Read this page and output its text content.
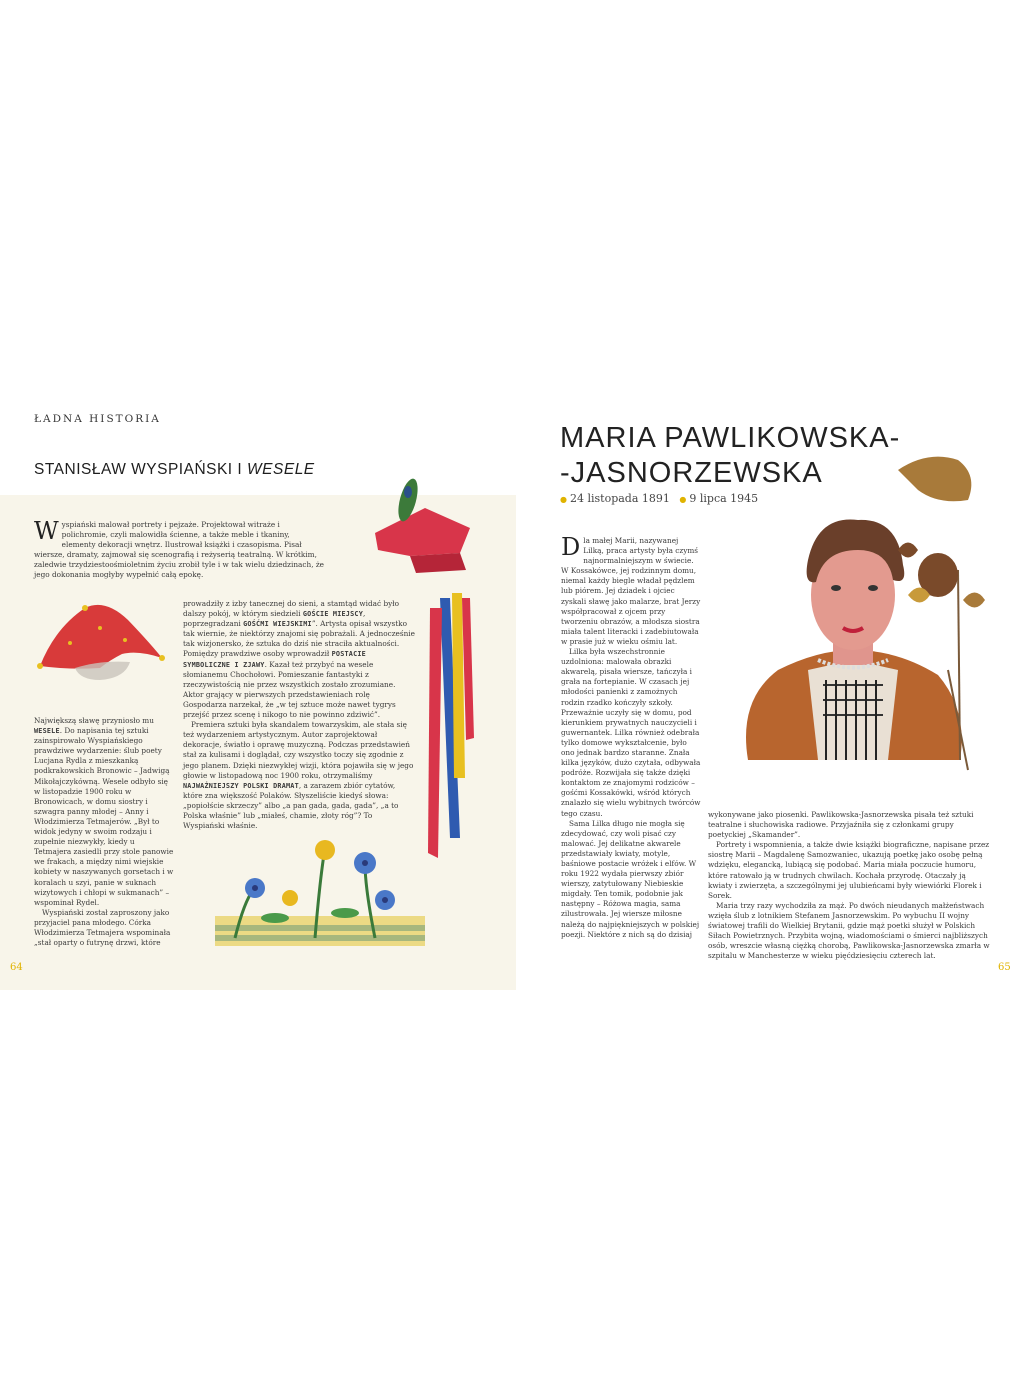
ŁADNA HISTORIA
STANISŁAW WYSPIAŃSKI I WESELE
Wyspiański malował portrety i pejzaże. Projektował witraże i polichromie, czyli malowidła ścienne, a także meble i tkaniny, elementy dekoracji wnętrz. Ilustrował książki i czasopisma. Pisał wiersze, dramaty, zajmował się scenografią i reżyserią teatralną. W krótkim, zaledwie trzydziestoośmioletnim życiu zrobił tyle i w tak wielu dziedzinach, że jego dokonania mogłyby wypełnić całą epokę.

Największą sławę przyniosło mu WESELE. Do napisania tej sztuki zainspirowało Wyspiańskiego prawdziwe wydarzenie: ślub poety Lucjana Rydla z mieszkanką podkrakowskich Bronowic – Jadwigą Mikołajczykówną. Wesele odbyło się w listopadzie 1900 roku w Bronowicach, w domu siostry i szwagra panny młodej – Anny i Włodzimierza Tetmajerów. „Był to widok jedyny w swoim rodzaju i zupełnie niezwykły, kiedy u Tetmajera zasiedli przy stole panowie we frakach, a między nimi wiejskie kobiety w naszywanych gorsetach i w koralach u szyi, panie w suknach wizytowych i chłopi w sukmanach” – wspominał Rydel.

Wyspiański został zaproszony jako przyjaciel pana młodego. Córka Włodzimierza Tetmajera wspominała „stał oparty o futrynę drzwi, które

prowadziły z izby tanecznej do sieni, a stamtąd widać było dalszy pokój, w którym siedzieli GOŚCIE MIEJSCY, poprzegradzani GOŚĆMI WIEJSKIMI”. Artysta opisał wszystko tak wiernie, że niektórzy znajomi się pobrażali. A jednocześnie tak wizjonersko, że sztuka do dziś nie straciła aktualności. Pomiędzy prawdziwe osoby wprowadził POSTACIE SYMBOLICZNE I ZJAWY. Kazał też przybyć na wesele słomianemu Chochołowi. Pomieszanie fantastyki z rzeczywistością nie przez wszystkich zostało zrozumiane. Aktor grający w pierwszych przedstawieniach rolę Gospodarza narzekał, że „w tej sztuce może nawet tygrys przejść przez scenę i nikogo to nie powinno zdziwić”.

Premiera sztuki była skandalem towarzyskim, ale stała się też wydarzeniem artystycznym. Autor zaprojektował dekoracje, światło i oprawę muzyczną. Podczas przedstawień stał za kulisami i doglądał, czy wszystko toczy się zgodnie z jego planem. Dzięki niezwykłej wizji, która pojawiła się w jego głowie w listopadową noc 1900 roku, otrzymaliśmy NAJWAŻNIEJSZY POLSKI DRAMAT, a zarazem zbiór cytatów, które zna większość Polaków. Słyszeliście kiedyś słowa: „popiołście skrzeczy” albo „a pan gada, gada, gada”, „a to Polska właśnie” lub „miałeś, chamie, złoty róg”? To Wyspiański właśnie.

64
MARIA PAWLIKOWSKA-
-JASNORZEWSKA
● 24 listopada 1891 ● 9 lipca 1945

Dla małej Marii, nazywanej Lilką, praca artysty była czymś najnormalniejszym w świecie. W Kossakówce, jej rodzinnym domu, niemal każdy biegle władał pędzlem lub piórem. Jej dziadek i ojciec zyskali sławę jako malarze, brat Jerzy współpracował z ojcem przy tworzeniu obrazów, a młodsza siostra miała talent literacki i zadebiutowała w prasie już w wieku ośmiu lat.

Lilka była wszechstronnie uzdolniona: malowała obrazki akwarelą, pisała wiersze, tańczyła i grała na fortepianie. W czasach jej młodości panienki z zamożnych rodzin rzadko kończyły szkoły. Przeważnie uczyły się w domu, pod kierunkiem prywatnych nauczycieli i guwernantek. Lilka również odebrała tylko domowe wykształcenie, było ono jednak bardzo staranne. Znała kilka języków, dużo czytała, odbywała podróże. Rozwijała się także dzięki kontaktom ze znajomymi rodziców – gośćmi Kossakówki, wśród których znalazło się wielu wybitnych twórców tego czasu.

Sama Lilka długo nie mogła się zdecydować, czy woli pisać czy malować. Jej delikatne akwarele przedstawiały kwiaty, motyle, baśniowe postacie wróżek i elfów. W roku 1922 wydała pierwszy zbiór wierszy, zatytułowany Niebieskie migdały. Ten tomik, podobnie jak następny – Różowa magia, sama zilustrowała. Jej wiersze miłosne należą do najpiękniejszych w polskiej poezji. Niektóre z nich są do dzisiaj

wykonywane jako piosenki. Pawlikowska-Jasnorzewska pisała też sztuki teatralne i słuchowiska radiowe. Przyjaźniła się z członkami grupy poetyckiej „Skamander”.

Portrety i wspomnienia, a także dwie książki biograficzne, napisane przez siostrę Marii – Magdalenę Samozwaniec, ukazują poetkę jako osobę pełną wdzięku, elegancką, lubiącą się podobać. Maria miała poczucie humoru, które ratowało ją w trudnych chwilach. Kochała przyrodę. Otaczały ją kwiaty i zwierzęta, a szczególnymi jej ulubieńcami były wiewiórki Florek i Sorek.

Maria trzy razy wychodziła za mąż. Po dwóch nieudanych małżeństwach wzięła ślub z lotnikiem Stefanem Jasnorzewskim. Po wybuchu II wojny światowej trafili do Wielkiej Brytanii, gdzie mąż poetki służył w Polskich Siłach Powietrznych. Przybita wojną, wiadomościami o śmierci najbliższych osób, wreszcie własną ciężką chorobą, Pawlikowska-Jasnorzewska zmarła w szpitalu w Manchesterze w wieku pięćdziesięciu czterech lat.

65
